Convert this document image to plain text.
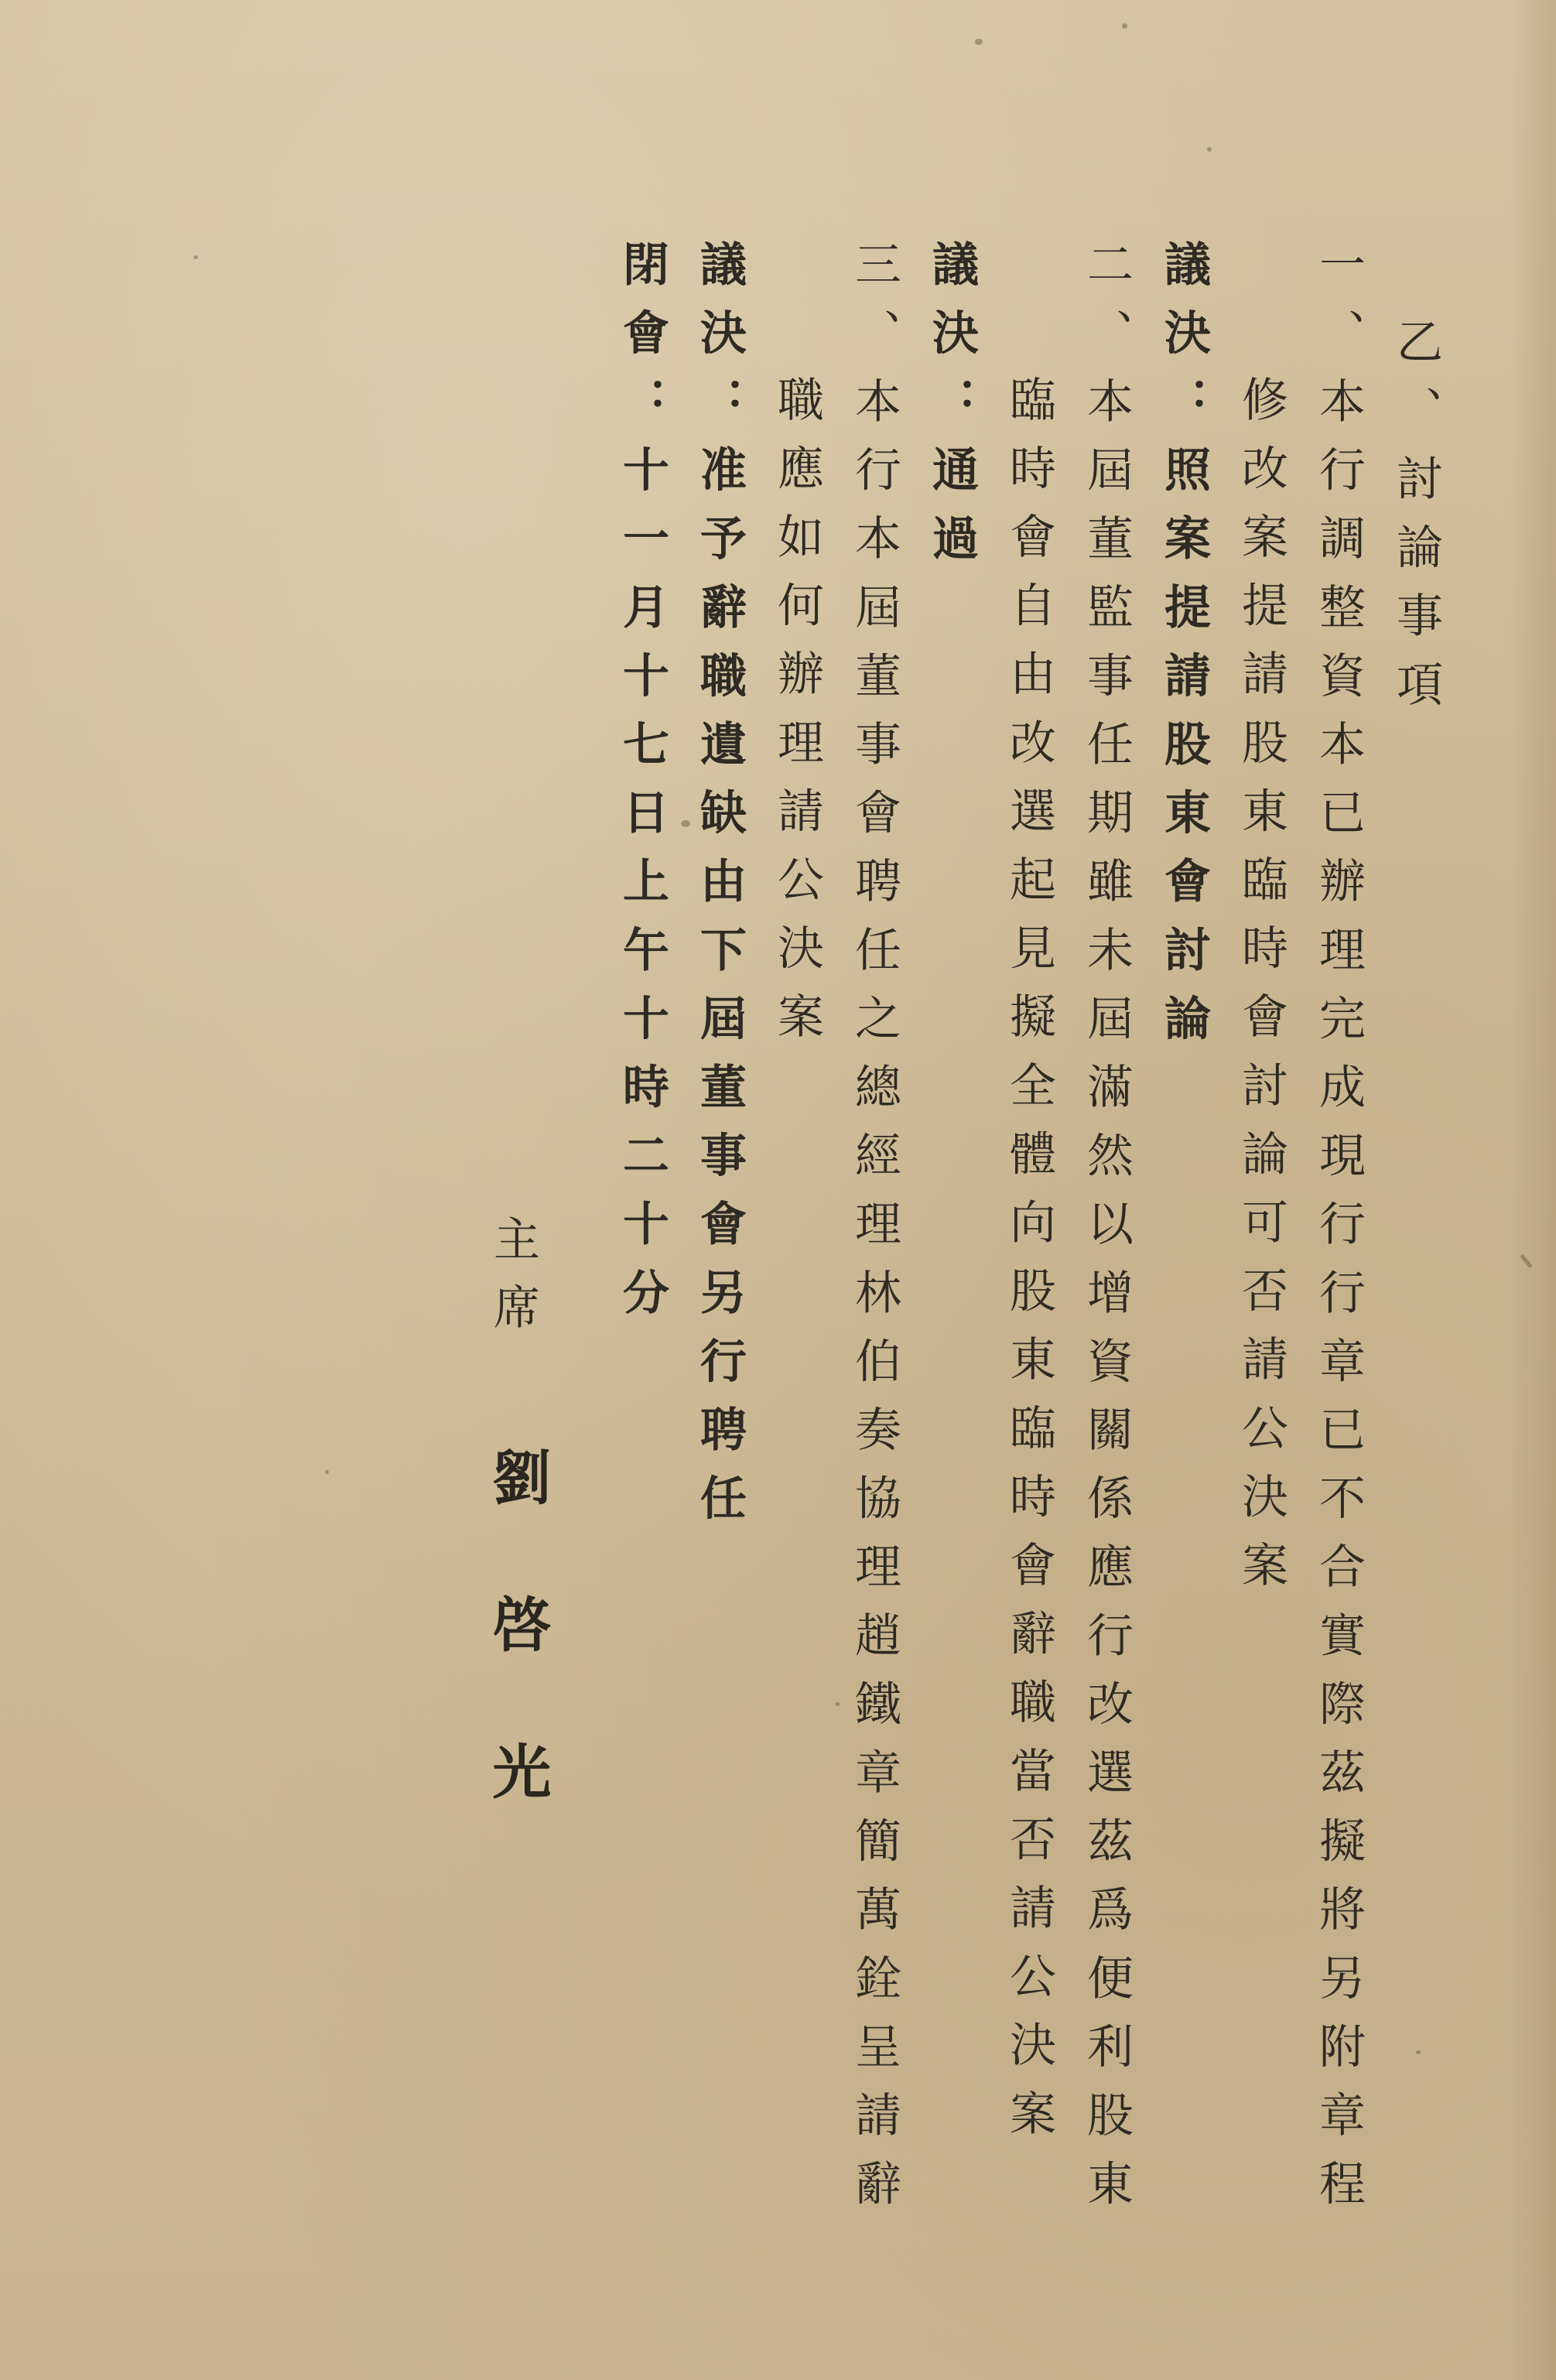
乙、討論事項
一、本行調整資本已辦理完成現行行章已不合實際茲擬將另附章程
修改案提請股東臨時會討論可否請公決案
議決：照案提請股東會討論
二、本屆董監事任期雖未屆滿然以增資關係應行改選茲爲便利股東
臨時會自由改選起見擬全體向股東臨時會辭職當否請公決案
議決：通過
三、本行本屆董事會聘任之總經理林伯奏協理趙鐵章簡萬銓呈請辭
職應如何辦理請公決案
議決：准予辭職遺缺由下屆董事會另行聘任
閉會：十一月十七日上午十時二十分
主席
劉啓光
